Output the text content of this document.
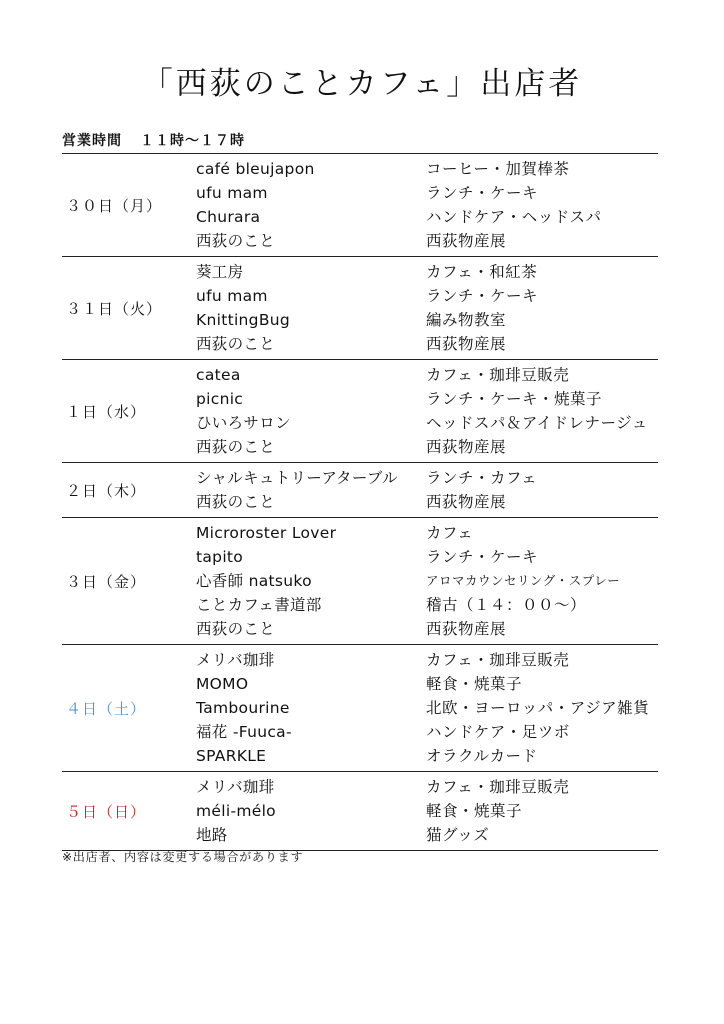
「西荻のことカフェ」出店者
営業時間 １１時〜１７時
３０日（月）
café bleujapon	コーヒー・加賀棒茶
ufu mam	ランチ・ケーキ
Churara	ハンドケア・ヘッドスパ
西荻のこと	西荻物産展
３１日（火）
葵工房	カフェ・和紅茶
ufu mam	ランチ・ケーキ
KnittingBug	編み物教室
西荻のこと	西荻物産展
１日（水）
catea	カフェ・珈琲豆販売
picnic	ランチ・ケーキ・焼菓子
ひいろサロン	ヘッドスパ＆アイドレナージュ
西荻のこと	西荻物産展
２日（木）
シャルキュトリーアターブル	ランチ・カフェ
西荻のこと	西荻物産展
３日（金）
Microroster Lover	カフェ
tapito	ランチ・ケーキ
心香師 natsuko	アロマカウンセリング・スプレー
ことカフェ書道部	稽古（１４：００〜）
西荻のこと	西荻物産展
４日（土）
メリバ珈琲	カフェ・珈琲豆販売
MOMO	軽食・焼菓子
Tambourine	北欧・ヨーロッパ・アジア雑貨
福花 -Fuuca-	ハンドケア・足ツボ
SPARKLE	オラクルカード
５日（日）
メリバ珈琲	カフェ・珈琲豆販売
méli-mélo	軽食・焼菓子
地路	猫グッズ
※出店者、内容は変更する場合があります
